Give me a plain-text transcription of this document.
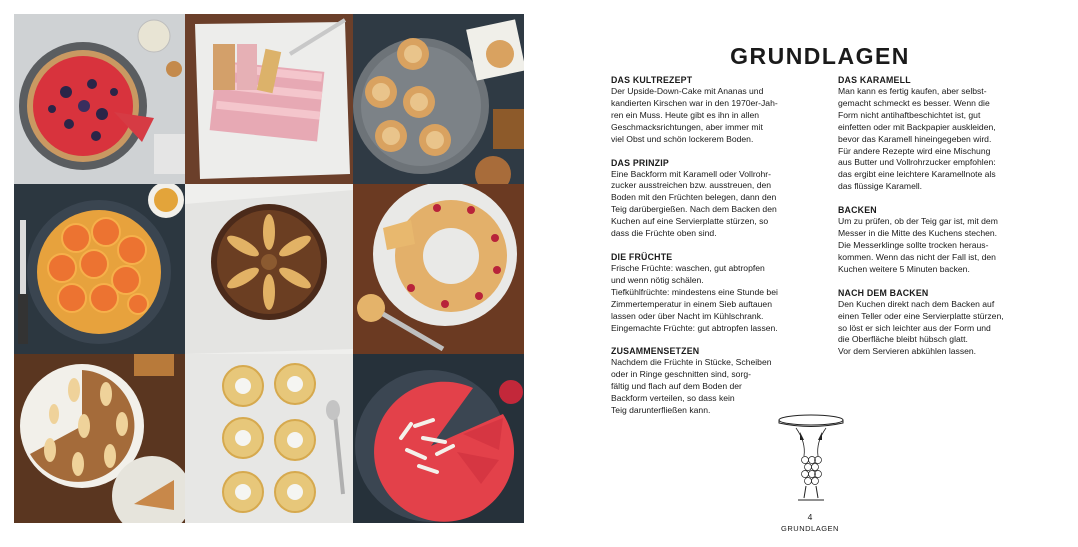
GRUNDLAGEN
DAS KULTREZEPT

Der Upside-Down-Cake mit Ananas und
kandierten Kirschen war in den 1970er-Jah-
ren ein Muss. Heute gibt es ihn in allen
Geschmacksrichtungen, aber immer mit
viel Obst und schön lockerem Boden.

DAS PRINZIP

Eine Backform mit Karamell oder Vollrohr-
zucker ausstreichen bzw. ausstreuen, den
Boden mit den Früchten belegen, dann den
Teig darübergießen. Nach dem Backen den
Kuchen auf eine Servierplatte stürzen, so
dass die Früchte oben sind.

DIE FRÜCHTE

Frische Früchte: waschen, gut abtropfen
und wenn nötig schälen.
Tiefkühlfrüchte: mindestens eine Stunde bei
Zimmertemperatur in einem Sieb auftauen
lassen oder über Nacht im Kühlschrank.
Eingemachte Früchte: gut abtropfen lassen.

ZUSAMMENSETZEN

Nachdem die Früchte in Stücke, Scheiben
oder in Ringe geschnitten sind, sorg-
fältig und flach auf dem Boden der
Backform verteilen, so dass kein
Teig darunterfließen kann.

DAS KARAMELL

Man kann es fertig kaufen, aber selbst-
gemacht schmeckt es besser. Wenn die
Form nicht antihaftbeschichtet ist, gut
einfetten oder mit Backpapier auskleiden,
bevor das Karamell hineingegeben wird.
Für andere Rezepte wird eine Mischung
aus Butter und Vollrohrzucker empfohlen:
das ergibt eine leichtere Karamellnote als
das flüssige Karamell.

BACKEN

Um zu prüfen, ob der Teig gar ist, mit dem
Messer in die Mitte des Kuchens stechen.
Die Messerklinge sollte trocken heraus-
kommen. Wenn das nicht der Fall ist, den
Kuchen weitere 5 Minuten backen.

NACH DEM BACKEN

Den Kuchen direkt nach dem Backen auf
einen Teller oder eine Servierplatte stürzen,
so löst er sich leichter aus der Form und
die Oberfläche bleibt hübsch glatt.
Vor dem Servieren abkühlen lassen.

4
GRUNDLAGEN
